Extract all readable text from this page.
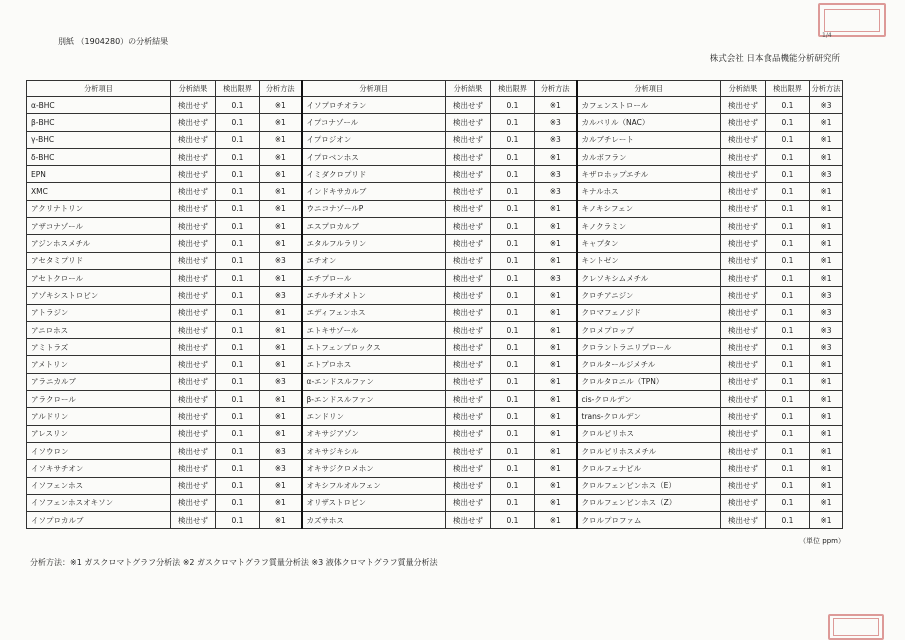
別紙 （1904280）の分析結果
1/4
株式会社 日本食品機能分析研究所
分析項目	分析結果	検出限界	分析方法	分析項目	分析結果	検出限界	分析方法	分析項目	分析結果	検出限界	分析方法
α-BHC	検出せず	0.1	※1	イソプロチオラン	検出せず	0.1	※1	カフェンストロール	検出せず	0.1	※3
β-BHC	検出せず	0.1	※1	イプコナゾール	検出せず	0.1	※3	カルバリル（NAC）	検出せず	0.1	※1
γ-BHC	検出せず	0.1	※1	イプロジオン	検出せず	0.1	※3	カルブチレート	検出せず	0.1	※1
δ-BHC	検出せず	0.1	※1	イプロベンホス	検出せず	0.1	※1	カルボフラン	検出せず	0.1	※1
EPN	検出せず	0.1	※1	イミダクロプリド	検出せず	0.1	※3	キザロホップエチル	検出せず	0.1	※3
XMC	検出せず	0.1	※1	インドキサカルブ	検出せず	0.1	※3	キナルホス	検出せず	0.1	※1
アクリナトリン	検出せず	0.1	※1	ウニコナゾールP	検出せず	0.1	※1	キノキシフェン	検出せず	0.1	※1
アザコナゾール	検出せず	0.1	※1	エスプロカルブ	検出せず	0.1	※1	キノクラミン	検出せず	0.1	※1
アジンホスメチル	検出せず	0.1	※1	エタルフルラリン	検出せず	0.1	※1	キャプタン	検出せず	0.1	※1
アセタミプリド	検出せず	0.1	※3	エチオン	検出せず	0.1	※1	キントゼン	検出せず	0.1	※1
アセトクロール	検出せず	0.1	※1	エチプロール	検出せず	0.1	※3	クレソキシムメチル	検出せず	0.1	※1
アゾキシストロビン	検出せず	0.1	※3	エチルチオメトン	検出せず	0.1	※1	クロチアニジン	検出せず	0.1	※3
アトラジン	検出せず	0.1	※1	エディフェンホス	検出せず	0.1	※1	クロマフェノジド	検出せず	0.1	※3
アニロホス	検出せず	0.1	※1	エトキサゾール	検出せず	0.1	※1	クロメプロップ	検出せず	0.1	※3
アミトラズ	検出せず	0.1	※1	エトフェンプロックス	検出せず	0.1	※1	クロラントラニリプロール	検出せず	0.1	※3
アメトリン	検出せず	0.1	※1	エトプロホス	検出せず	0.1	※1	クロルタールジメチル	検出せず	0.1	※1
アラニカルブ	検出せず	0.1	※3	α-エンドスルファン	検出せず	0.1	※1	クロルタロニル（TPN）	検出せず	0.1	※1
アラクロール	検出せず	0.1	※1	β-エンドスルファン	検出せず	0.1	※1	cis-クロルデン	検出せず	0.1	※1
アルドリン	検出せず	0.1	※1	エンドリン	検出せず	0.1	※1	trans-クロルデン	検出せず	0.1	※1
アレスリン	検出せず	0.1	※1	オキサジアゾン	検出せず	0.1	※1	クロルピリホス	検出せず	0.1	※1
イソウロン	検出せず	0.1	※3	オキサジキシル	検出せず	0.1	※1	クロルピリホスメチル	検出せず	0.1	※1
イソキサチオン	検出せず	0.1	※3	オキサジクロメホン	検出せず	0.1	※1	クロルフェナピル	検出せず	0.1	※1
イソフェンホス	検出せず	0.1	※1	オキシフルオルフェン	検出せず	0.1	※1	クロルフェンビンホス（E）	検出せず	0.1	※1
イソフェンホスオキソン	検出せず	0.1	※1	オリザストロビン	検出せず	0.1	※1	クロルフェンビンホス（Z）	検出せず	0.1	※1
イソプロカルブ	検出せず	0.1	※1	カズサホス	検出せず	0.1	※1	クロルプロファム	検出せず	0.1	※1
（単位 ppm）
分析方法：※1 ガスクロマトグラフ分析法 ※2 ガスクロマトグラフ質量分析法 ※3 液体クロマトグラフ質量分析法
